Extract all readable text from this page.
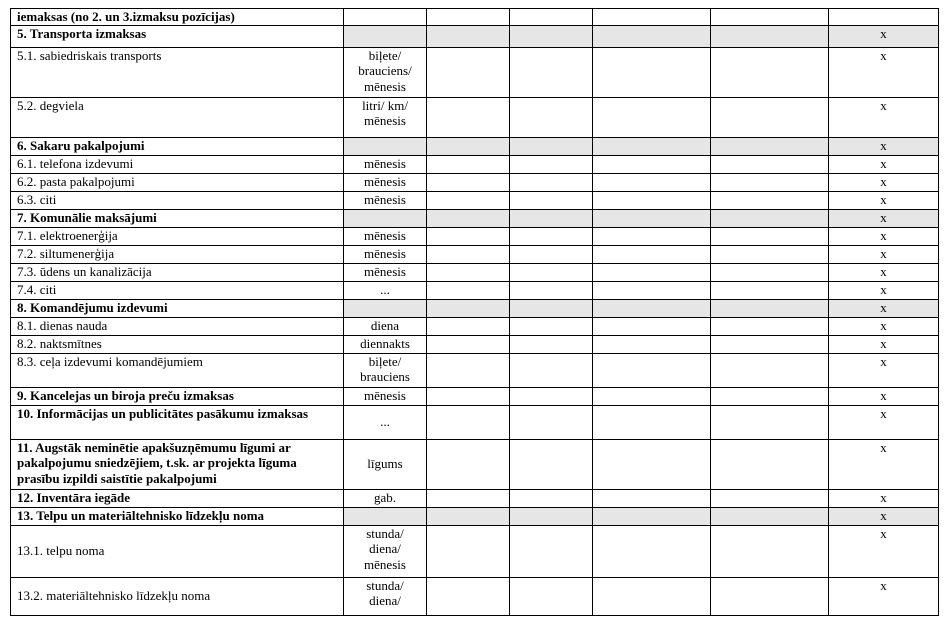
iemaksas (no 2. un 3.izmaksu pozīcijas)						
5. Transporta izmaksas						x
5.1. sabiedriskais transports	biļete/
brauciens/
mēnesis					x
5.2. degviela	litri/ km/
mēnesis					x
6. Sakaru pakalpojumi						x
6.1. telefona izdevumi	mēnesis					x
6.2. pasta pakalpojumi	mēnesis					x
6.3. citi	mēnesis					x
7. Komunālie maksājumi						x
7.1. elektroenerģija	mēnesis					x
7.2. siltumenerģija	mēnesis					x
7.3. ūdens un kanalizācija	mēnesis					x
7.4. citi	...					x
8. Komandējumu izdevumi						x
8.1. dienas nauda	diena					x
8.2. naktsmītnes	diennakts					x
8.3. ceļa izdevumi komandējumiem	biļete/
brauciens					x
9. Kancelejas un biroja preču izmaksas	mēnesis					x
10. Informācijas un publicitātes pasākumu izmaksas	...					x
11. Augstāk neminētie apakšuzņēmumu līgumi ar pakalpojumu sniedzējiem, t.sk. ar projekta līguma prasību izpildi saistītie pakalpojumi	līgums					x
12. Inventāra iegāde	gab.					x
13. Telpu un materiāltehnisko līdzekļu noma						x
13.1. telpu noma	stunda/
diena/
mēnesis					x
13.2. materiāltehnisko līdzekļu noma	stunda/
diena/					x
